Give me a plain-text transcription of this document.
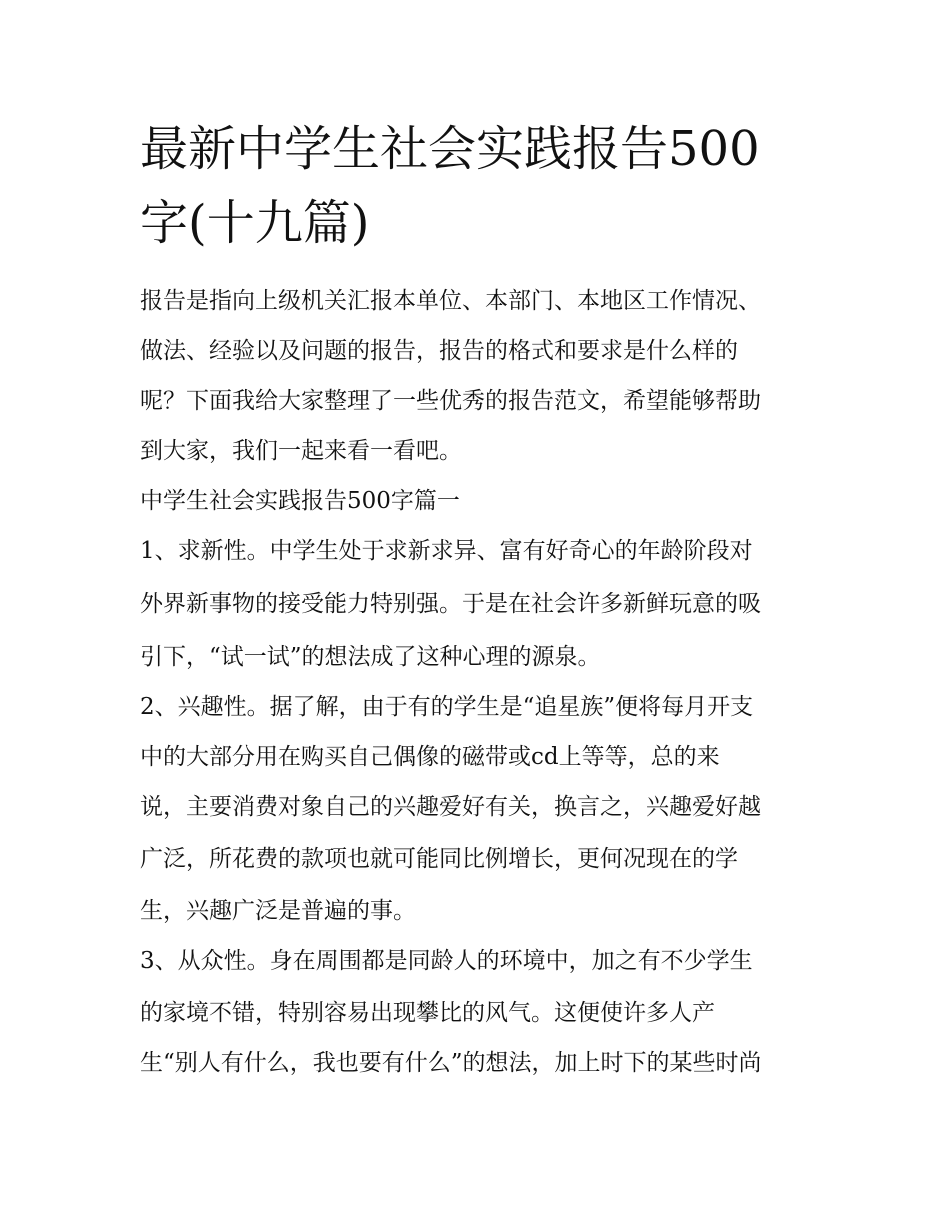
最新中学生社会实践报告500
字(十九篇)

报告是指向上级机关汇报本单位、本部门、本地区工作情况、

做法、经验以及问题的报告，报告的格式和要求是什么样的

呢？下面我给大家整理了一些优秀的报告范文，希望能够帮助

到大家，我们一起来看一看吧。

中学生社会实践报告500字篇一

1、求新性。中学生处于求新求异、富有好奇心的年龄阶段对

外界新事物的接受能力特别强。于是在社会许多新鲜玩意的吸

引下，“试一试”的想法成了这种心理的源泉。

2、兴趣性。据了解，由于有的学生是“追星族”便将每月开支

中的大部分用在购买自己偶像的磁带或cd上等等，总的来

说，主要消费对象自己的兴趣爱好有关，换言之，兴趣爱好越

广泛，所花费的款项也就可能同比例增长，更何况现在的学

生，兴趣广泛是普遍的事。

3、从众性。身在周围都是同龄人的环境中，加之有不少学生

的家境不错，特别容易出现攀比的风气。这便使许多人产

生“别人有什么，我也要有什么”的想法，加上时下的某些时尚
